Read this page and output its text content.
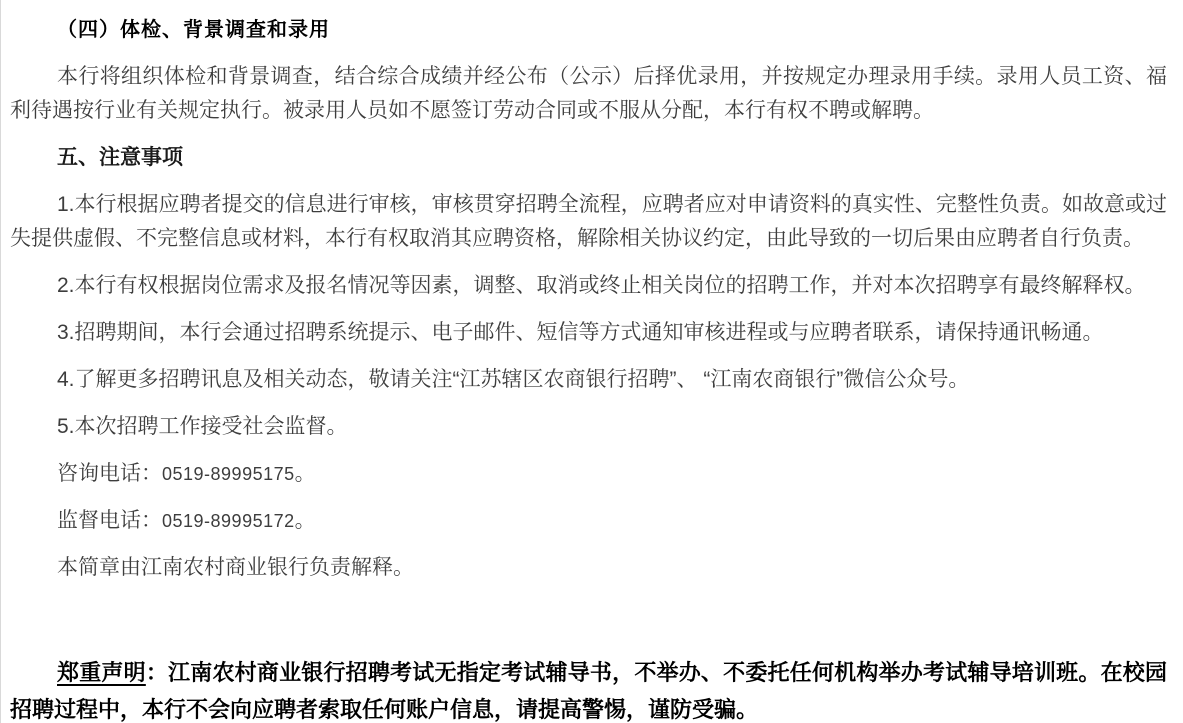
（四）体检、背景调查和录用

本行将组织体检和背景调查，结合综合成绩并经公布（公示）后择优录用，并按规定办理录用手续。录用人员工资、福利待遇按行业有关规定执行。被录用人员如不愿签订劳动合同或不服从分配，本行有权不聘或解聘。

五、注意事项

1.本行根据应聘者提交的信息进行审核，审核贯穿招聘全流程，应聘者应对申请资料的真实性、完整性负责。如故意或过失提供虚假、不完整信息或材料，本行有权取消其应聘资格，解除相关协议约定，由此导致的一切后果由应聘者自行负责。

2.本行有权根据岗位需求及报名情况等因素，调整、取消或终止相关岗位的招聘工作，并对本次招聘享有最终解释权。

3.招聘期间，本行会通过招聘系统提示、电子邮件、短信等方式通知审核进程或与应聘者联系，请保持通讯畅通。

4.了解更多招聘讯息及相关动态，敬请关注“江苏辖区农商银行招聘”、 “江南农商银行”微信公众号。

5.本次招聘工作接受社会监督。

咨询电话：0519-89995175。

监督电话：0519-89995172。

本简章由江南农村商业银行负责解释。

郑重声明：江南农村商业银行招聘考试无指定考试辅导书，不举办、不委托任何机构举办考试辅导培训班。在校园招聘过程中，本行不会向应聘者索取任何账户信息，请提高警惕，谨防受骗。
